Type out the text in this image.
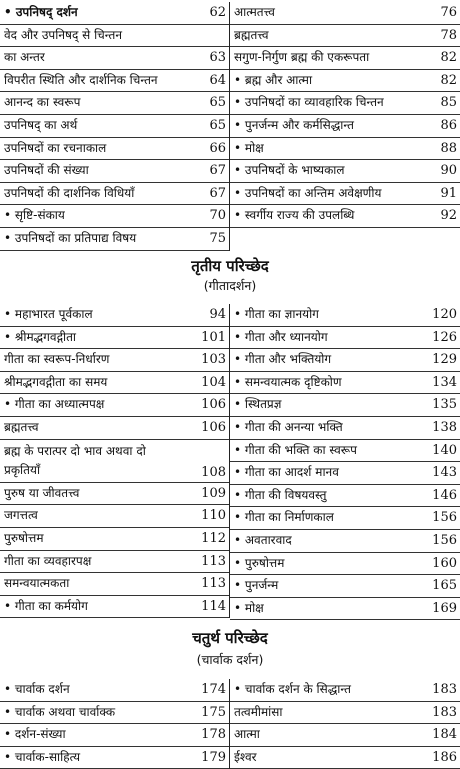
• उपनिषद् दर्शन	62
वेद और उपनिषद् से चिन्तन
का अन्तर	63
विपरीत स्थिति और दार्शनिक चिन्तन	64
आनन्द का स्वरूप	65
उपनिषद् का अर्थ	65
उपनिषदों का रचनाकाल	66
उपनिषदों की संख्या	67
उपनिषदों की दार्शनिक विधियाँ	67
• सृष्टि-संकाय	70
• उपनिषदों का प्रतिपाद्य विषय	75
आत्मतत्त्व	76
ब्रह्मतत्त्व	78
सगुण-निर्गुण ब्रह्म की एकरूपता	82
• ब्रह्म और आत्मा	82
• उपनिषदों का व्यावहारिक चिन्तन	85
• पुनर्जन्म और कर्मसिद्धान्त	86
• मोक्ष	88
• उपनिषदों के भाष्यकाल	90
• उपनिषदों का अन्तिम अवेक्षणीय	91
• स्वर्गीय राज्य की उपलब्धि	92
तृतीय परिच्छेद
(गीतादर्शन)
• महाभारत पूर्वकाल	94
• श्रीमद्भगवद्गीता	101
गीता का स्वरूप-निर्धारण	103
श्रीमद्भगवद्गीता का समय	104
• गीता का अध्यात्मपक्ष	106
ब्रह्मतत्त्व	106
ब्रह्म के परात्पर दो भाव अथवा दो प्रकृतियाँ	108
पुरुष या जीवतत्त्व	109
जगत्तत्व	110
पुरुषोत्तम	112
गीता का व्यवहारपक्ष	113
समन्वयात्मकता	113
• गीता का कर्मयोग	114
• गीता का ज्ञानयोग	120
• गीता और ध्यानयोग	126
• गीता और भक्तियोग	129
• समन्वयात्मक दृष्टिकोण	134
• स्थितप्रज्ञ	135
• गीता की अनन्या भक्ति	138
• गीता की भक्ति का स्वरूप	140
• गीता का आदर्श मानव	143
• गीता की विषयवस्तु	146
• गीता का निर्माणकाल	156
• अवतारवाद	156
• पुरुषोत्तम	160
• पुनर्जन्म	165
• मोक्ष	169
चतुर्थ परिच्छेद
(चार्वाक दर्शन)
• चार्वाक दर्शन	174
• चार्वाक अथवा चार्वाक्क	175
• दर्शन-संख्या	178
• चार्वाक-साहित्य	179
• चार्वाक दर्शन के सिद्धान्त	183
तत्वमीमांसा	183
आत्मा	184
ईश्वर	186
